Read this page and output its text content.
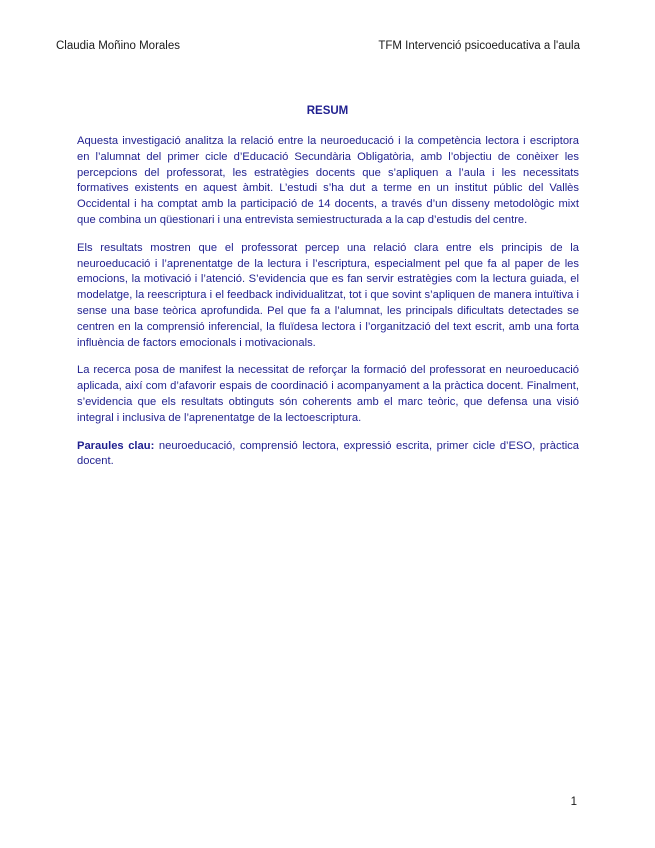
Claudia Moñino Morales	TFM Intervenció psicoeducativa a l'aula
RESUM

Aquesta investigació analitza la relació entre la neuroeducació i la competència lectora i escriptora en l’alumnat del primer cicle d’Educació Secundària Obligatòria, amb l’objectiu de conèixer les percepcions del professorat, les estratègies docents que s’apliquen a l’aula i les necessitats formatives existents en aquest àmbit. L’estudi s’ha dut a terme en un institut públic del Vallès Occidental i ha comptat amb la participació de 14 docents, a través d’un disseny metodològic mixt que combina un qüestionari i una entrevista semiestructurada a la cap d’estudis del centre.

Els resultats mostren que el professorat percep una relació clara entre els principis de la neuroeducació i l’aprenentatge de la lectura i l’escriptura, especialment pel que fa al paper de les emocions, la motivació i l’atenció. S’evidencia que es fan servir estratègies com la lectura guiada, el modelatge, la reescriptura i el feedback individualitzat, tot i que sovint s’apliquen de manera intuïtiva i sense una base teòrica aprofundida. Pel que fa a l’alumnat, les principals dificultats detectades se centren en la comprensió inferencial, la fluïdesa lectora i l’organització del text escrit, amb una forta influència de factors emocionals i motivacionals.

La recerca posa de manifest la necessitat de reforçar la formació del professorat en neuroeducació aplicada, així com d’afavorir espais de coordinació i acompanyament a la pràctica docent. Finalment, s’evidencia que els resultats obtinguts són coherents amb el marc teòric, que defensa una visió integral i inclusiva de l’aprenentatge de la lectoescriptura.

Paraules clau: neuroeducació, comprensió lectora, expressió escrita, primer cicle d’ESO, pràctica docent.

1
